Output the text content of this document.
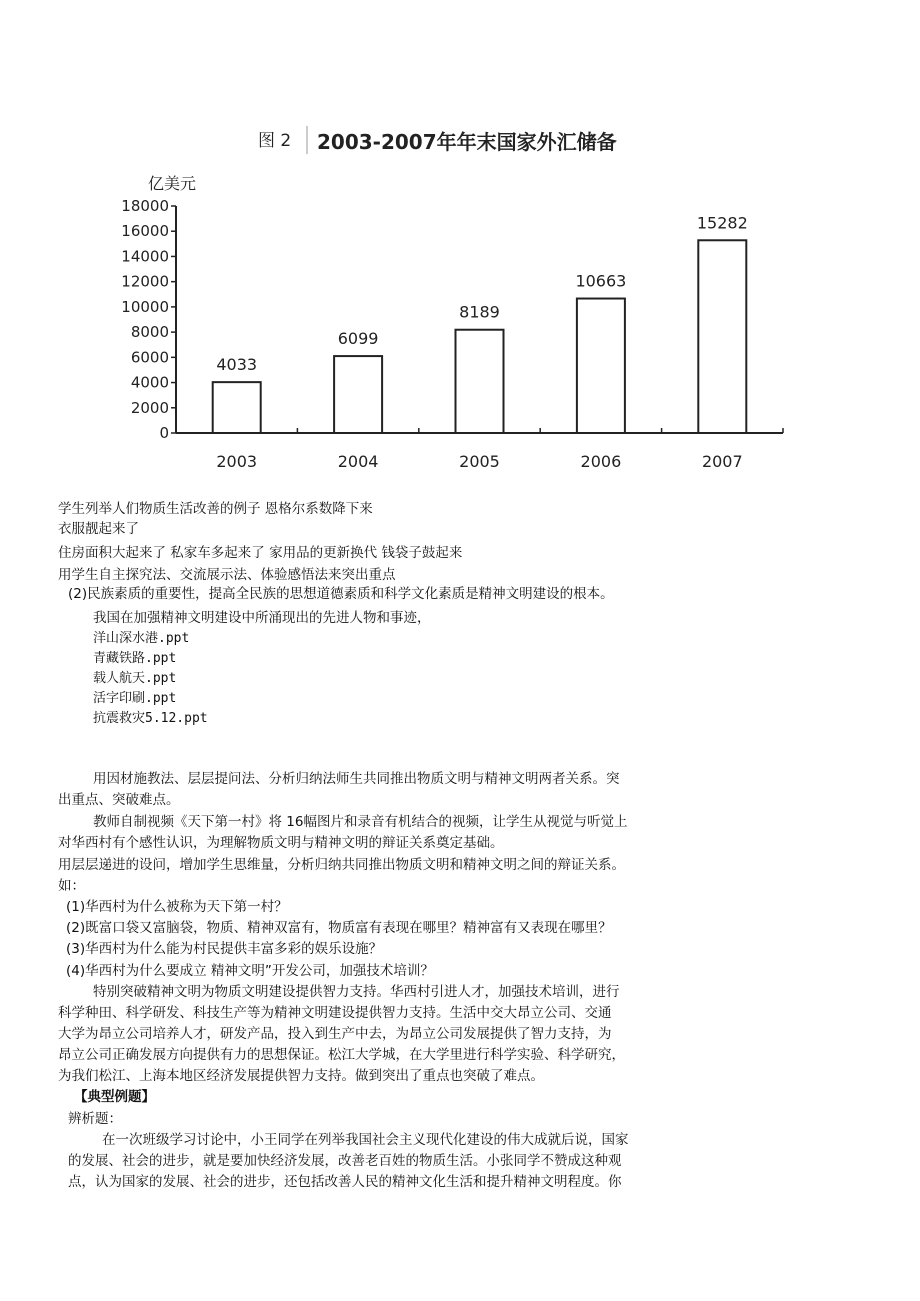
图 2 2003-2007年年末国家外汇储备
亿美元
0
2000
4000
6000
8000
10000
12000
14000
16000
18000
4033
6099
8189
10663
15282
2003	2004	2005	2006	2007
学生列举人们物质生活改善的例子 恩格尔系数降下来
衣服靓起来了
住房面积大起来了 私家车多起来了 家用品的更新换代 钱袋子鼓起来
用学生自主探究法、交流展示法、体验感悟法来突出重点
(2)民族素质的重要性，提高全民族的思想道德素质和科学文化素质是精神文明建设的根本。
我国在加强精神文明建设中所涌现出的先进人物和事迹，
洋山深水港.ppt
青藏铁路.ppt
载人航天.ppt
活字印刷.ppt
抗震救灾5.12.ppt
用因材施教法、层层提问法、分析归纳法师生共同推出物质文明与精神文明两者关系。突
出重点、突破难点。
教师自制视频《天下第一村》将 16幅图片和录音有机结合的视频，让学生从视觉与听觉上
对华西村有个感性认识，为理解物质文明与精神文明的辩证关系奠定基础。
用层层递进的设问，增加学生思维量，分析归纳共同推出物质文明和精神文明之间的辩证关系。
如：
(1)华西村为什么被称为天下第一村？
(2)既富口袋又富脑袋，物质、精神双富有，物质富有表现在哪里？精神富有又表现在哪里？
(3)华西村为什么能为村民提供丰富多彩的娱乐设施？
(4)华西村为什么要成立 精神文明”开发公司，加强技术培训？
特别突破精神文明为物质文明建设提供智力支持。华西村引进人才，加强技术培训，进行
科学种田、科学研发、科技生产等为精神文明建设提供智力支持。生活中交大昂立公司、交通
大学为昂立公司培养人才，研发产品，投入到生产中去，为昂立公司发展提供了智力支持，为
昂立公司正确发展方向提供有力的思想保证。松江大学城，在大学里进行科学实验、科学研究，
为我们松江、上海本地区经济发展提供智力支持。做到突出了重点也突破了难点。
【典型例题】
辨析题：
在一次班级学习讨论中，小王同学在列举我国社会主义现代化建设的伟大成就后说，国家
的发展、社会的进步，就是要加快经济发展，改善老百姓的物质生活。小张同学不赞成这种观
点，认为国家的发展、社会的进步，还包括改善人民的精神文化生活和提升精神文明程度。你
